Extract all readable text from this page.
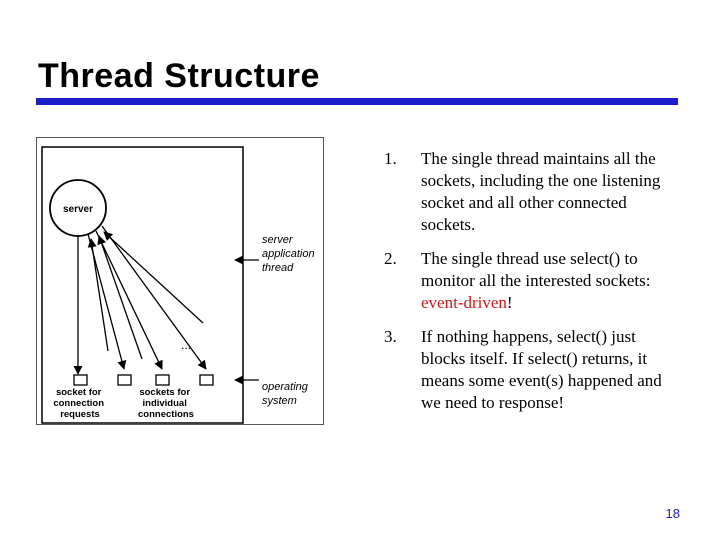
Thread Structure
server
...
socket for connection requests
sockets for individual connections
server application thread
operating system
1.	The single thread maintains all the sockets, including the one listening socket and all other connected sockets.
2.	The single thread use select() to monitor all the interested sockets: event-driven!
3.	If nothing happens, select() just blocks itself. If select() returns, it means some event(s) happened and we need to response!
18
